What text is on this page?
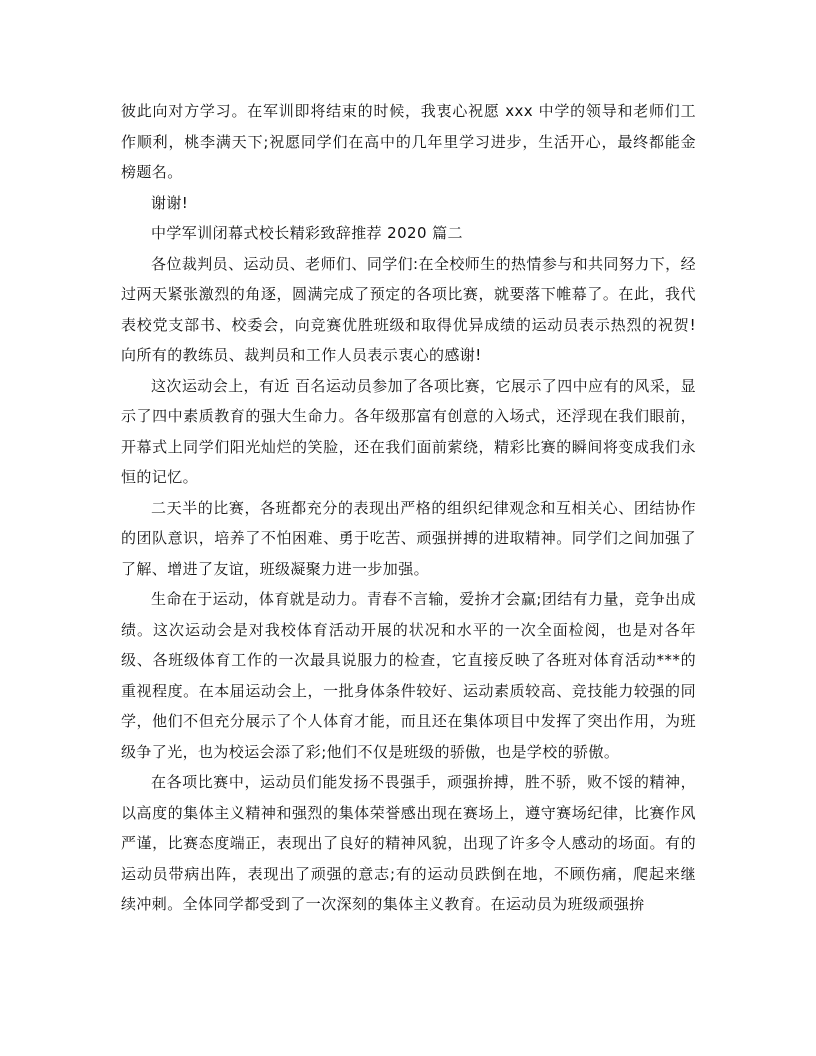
彼此向对方学习。在军训即将结束的时候，我衷心祝愿 xxx 中学的领导和老师们工作顺利，桃李满天下;祝愿同学们在高中的几年里学习进步，生活开心，最终都能金榜题名。

谢谢!

中学军训闭幕式校长精彩致辞推荐 2020 篇二

各位裁判员、运动员、老师们、同学们:在全校师生的热情参与和共同努力下，经过两天紧张激烈的角逐，圆满完成了预定的各项比赛，就要落下帷幕了。在此，我代表校党支部书、校委会，向竞赛优胜班级和取得优异成绩的运动员表示热烈的祝贺!向所有的教练员、裁判员和工作人员表示衷心的感谢!

这次运动会上，有近 百名运动员参加了各项比赛，它展示了四中应有的风采，显示了四中素质教育的强大生命力。各年级那富有创意的入场式，还浮现在我们眼前，开幕式上同学们阳光灿烂的笑脸，还在我们面前萦绕，精彩比赛的瞬间将变成我们永恒的记忆。

二天半的比赛，各班都充分的表现出严格的组织纪律观念和互相关心、团结协作的团队意识，培养了不怕困难、勇于吃苦、顽强拼搏的进取精神。同学们之间加强了了解、增进了友谊，班级凝聚力进一步加强。

生命在于运动，体育就是动力。青春不言输，爱拚才会赢;团结有力量，竞争出成绩。这次运动会是对我校体育活动开展的状况和水平的一次全面检阅，也是对各年级、各班级体育工作的一次最具说服力的检查，它直接反映了各班对体育活动***的重视程度。在本届运动会上，一批身体条件较好、运动素质较高、竞技能力较强的同学，他们不但充分展示了个人体育才能，而且还在集体项目中发挥了突出作用，为班级争了光，也为校运会添了彩;他们不仅是班级的骄傲，也是学校的骄傲。

在各项比赛中，运动员们能发扬不畏强手，顽强拚搏，胜不骄，败不馁的精神，以高度的集体主义精神和强烈的集体荣誉感出现在赛场上，遵守赛场纪律，比赛作风严谨，比赛态度端正，表现出了良好的精神风貌，出现了许多令人感动的场面。有的运动员带病出阵，表现出了顽强的意志;有的运动员跌倒在地，不顾伤痛，爬起来继续冲刺。全体同学都受到了一次深刻的集体主义教育。在运动员为班级顽强拚
